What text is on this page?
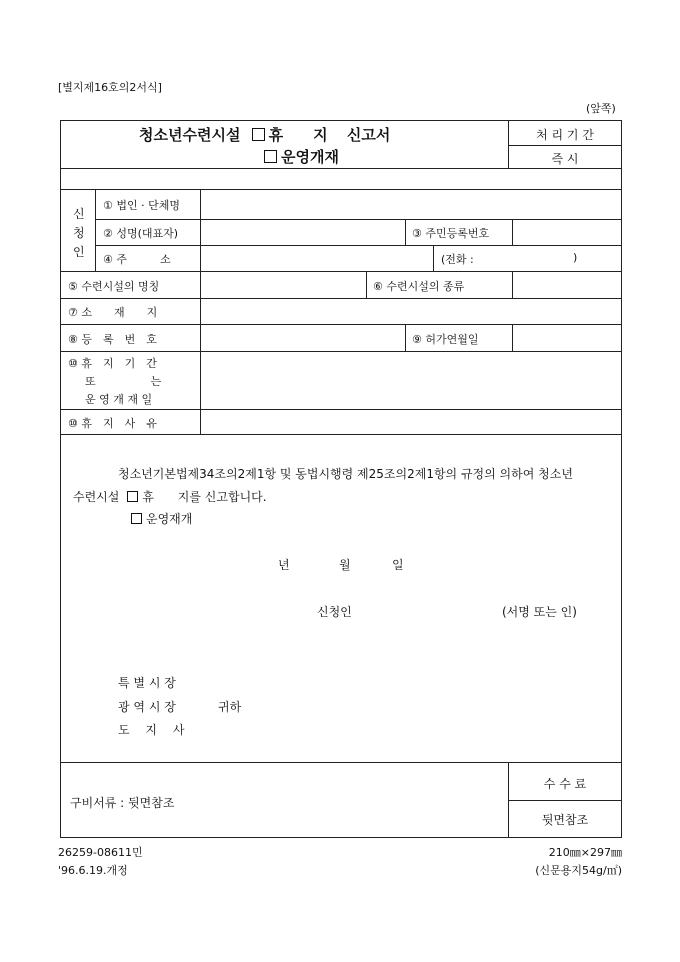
[별지제16호의2서식]
(앞쪽)
청소년수련시설 휴　　지 신고서
운영개재
처 리 기 간
즉 시
신
청
인
① 법인 · 단체명
② 성명(대표자)	③ 주민등록번호
④ 주　　　소	(전화 :	)
⑤ 수련시설의 명칭	⑥ 수련시설의 종류
⑦ 소　　재　　지
⑧ 등　록　번　호	⑨ 허가연월일
⑩ 휴　지　기　간
또　　　　　는
운 영 개 재 일
⑩ 휴　지　사　유
청소년기본법제34조의2제1항 및 동법시행령 제25조의2제1항의 규정의 의하여 청소년
수련시설 휴　　지를 신고합니다.
운영재개
년	월	일
신청인	(서명 또는 인)
특 별 시 장
광 역 시 장	귀하
도　 지　 사
구비서류 : 뒷면참조
수 수 료
뒷면참조
26259-08611민
'96.6.19.개정
210㎜×297㎜
(신문용지54g/㎡)
